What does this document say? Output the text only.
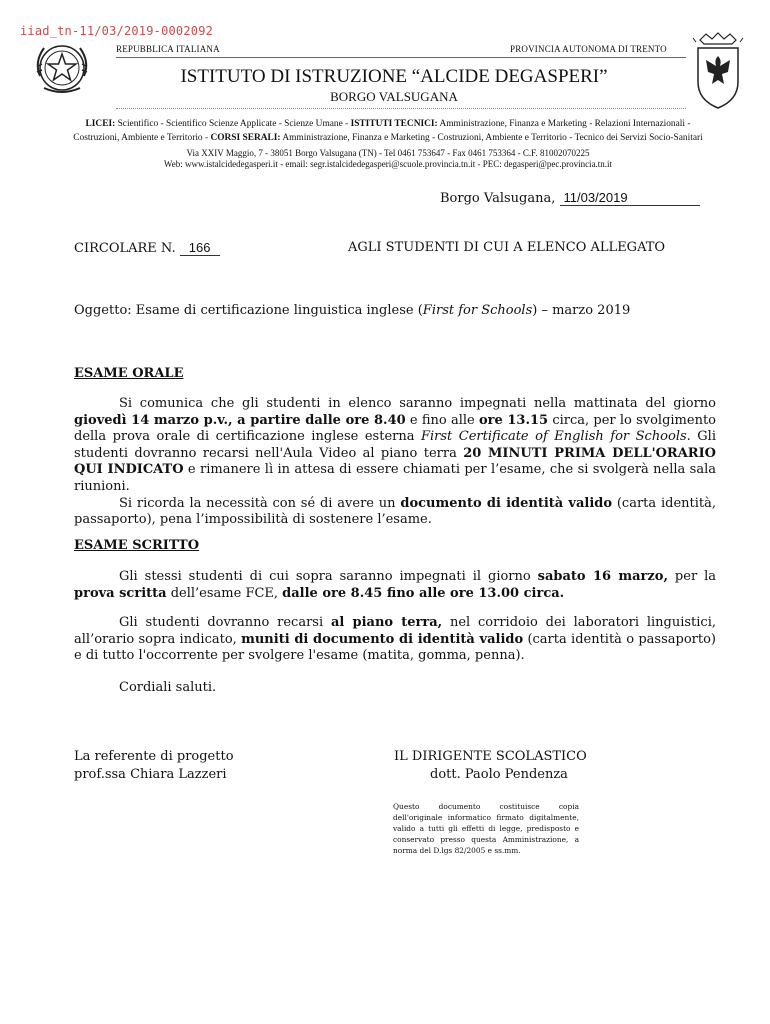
iiad_tn-11/03/2019-0002092
REPUBBLICA ITALIANA	PROVINCIA AUTONOMA DI TRENTO
ISTITUTO DI ISTRUZIONE “ALCIDE DEGASPERI”
BORGO VALSUGANA
LICEI: Scientifico - Scientifico Scienze Applicate - Scienze Umane - ISTITUTI TECNICI: Amministrazione, Finanza e Marketing - Relazioni Internazionali -
Costruzioni, Ambiente e Territorio - CORSI SERALI: Amministrazione, Finanza e Marketing - Costruzioni, Ambiente e Territorio - Tecnico dei Servizi Socio-Sanitari
Via XXIV Maggio, 7 - 38051 Borgo Valsugana (TN) - Tel 0461 753647 - Fax 0461 753364 - C.F. 81002070225
Web: www.istalcidedegasperi.it - email: segr.istalcidedegasperi@scuole.provincia.tn.it - PEC: degasperi@pec.provincia.tn.it
Borgo Valsugana, 11/03/2019
CIRCOLARE N. 166	AGLI STUDENTI DI CUI A ELENCO ALLEGATO
Oggetto: Esame di certificazione linguistica inglese (First for Schools) – marzo 2019
ESAME ORALE
Si comunica che gli studenti in elenco saranno impegnati nella mattinata del giorno giovedì 14 marzo p.v., a partire dalle ore 8.40 e fino alle ore 13.15 circa, per lo svolgimento della prova orale di certificazione inglese esterna First Certificate of English for Schools. Gli studenti dovranno recarsi nell'Aula Video al piano terra 20 MINUTI PRIMA DELL'ORARIO QUI INDICATO e rimanere lì in attesa di essere chiamati per l’esame, che si svolgerà nella sala riunioni.
Si ricorda la necessità con sé di avere un documento di identità valido (carta identità, passaporto), pena l’impossibilità di sostenere l’esame.
ESAME SCRITTO
Gli stessi studenti di cui sopra saranno impegnati il giorno sabato 16 marzo, per la prova scritta dell’esame FCE, dalle ore 8.45 fino alle ore 13.00 circa.
Gli studenti dovranno recarsi al piano terra, nel corridoio dei laboratori linguistici, all’orario sopra indicato, muniti di documento di identità valido (carta identità o passaporto) e di tutto l'occorrente per svolgere l'esame (matita, gomma, penna).
Cordiali saluti.
La referente di progetto
prof.ssa Chiara Lazzeri
IL DIRIGENTE SCOLASTICO
dott. Paolo Pendenza
Questo documento costituisce copia dell'originale informatico firmato digitalmente, valido a tutti gli effetti di legge, predisposto e conservato presso questa Amministrazione, a norma del D.lgs 82/2005 e ss.mm.
